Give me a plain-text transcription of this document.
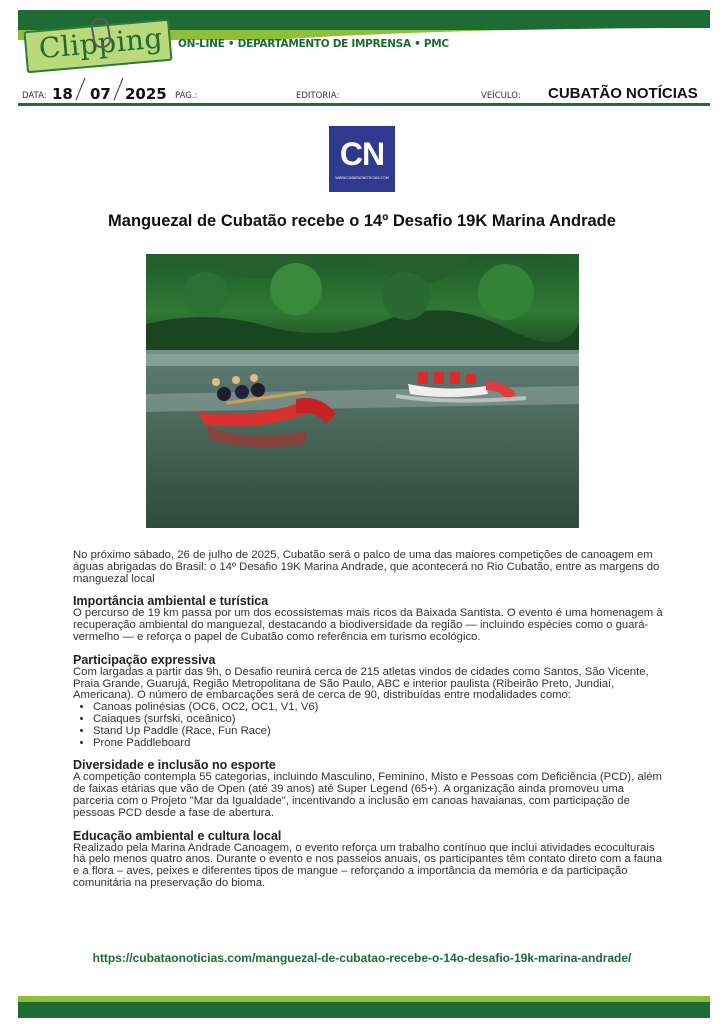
Clipping ON-LINE • DEPARTAMENTO DE IMPRENSA • PMC
DATA: 18 07 2025 PÁG.:	EDITORIA:	VEÍCULO: CUBATÃO NOTÍCIAS
CN
WWW.CUBATAONOTICIAS.COM
Manguezal de Cubatão recebe o 14º Desafio 19K Marina Andrade

No próximo sábado, 26 de julho de 2025, Cubatão será o palco de uma das maiores competições de canoagem em águas abrigadas do Brasil: o 14º Desafio 19K Marina Andrade, que acontecerá no Rio Cubatão, entre as margens do manguezal local

Importância ambiental e turística

O percurso de 19 km passa por um dos ecossistemas mais ricos da Baixada Santista. O evento é uma homenagem à recuperação ambiental do manguezal, destacando a biodiversidade da região — incluindo espécies como o guará-vermelho — e reforça o papel de Cubatão como referência em turismo ecológico.

Participação expressiva

Com largadas a partir das 9h, o Desafio reunirá cerca de 215 atletas vindos de cidades como Santos, São Vicente, Praia Grande, Guarujá, Região Metropolitana de São Paulo, ABC e interior paulista (Ribeirão Preto, Jundiaí, Americana). O número de embarcações será de cerca de 90, distribuídas entre modalidades como:

• Canoas polinésias (OC6, OC2, OC1, V1, V6)
• Caiaques (surfski, oceânico)
• Stand Up Paddle (Race, Fun Race)
• Prone Paddleboard
Diversidade e inclusão no esporte

A competição contempla 55 categorias, incluindo Masculino, Feminino, Misto e Pessoas com Deficiência (PCD), além de faixas etárias que vão de Open (até 39 anos) até Super Legend (65+). A organização ainda promoveu uma parceria com o Projeto "Mar da Igualdade", incentivando a inclusão em canoas havaianas, com participação de pessoas PCD desde a fase de abertura.

Educação ambiental e cultura local

Realizado pela Marina Andrade Canoagem, o evento reforça um trabalho contínuo que inclui atividades ecoculturais há pelo menos quatro anos. Durante o evento e nos passeios anuais, os participantes têm contato direto com a fauna e a flora – aves, peixes e diferentes tipos de mangue – reforçando a importância da memória e da participação comunitária na preservação do bioma.

https://cubataonoticias.com/manguezal-de-cubatao-recebe-o-14o-desafio-19k-marina-andrade/
